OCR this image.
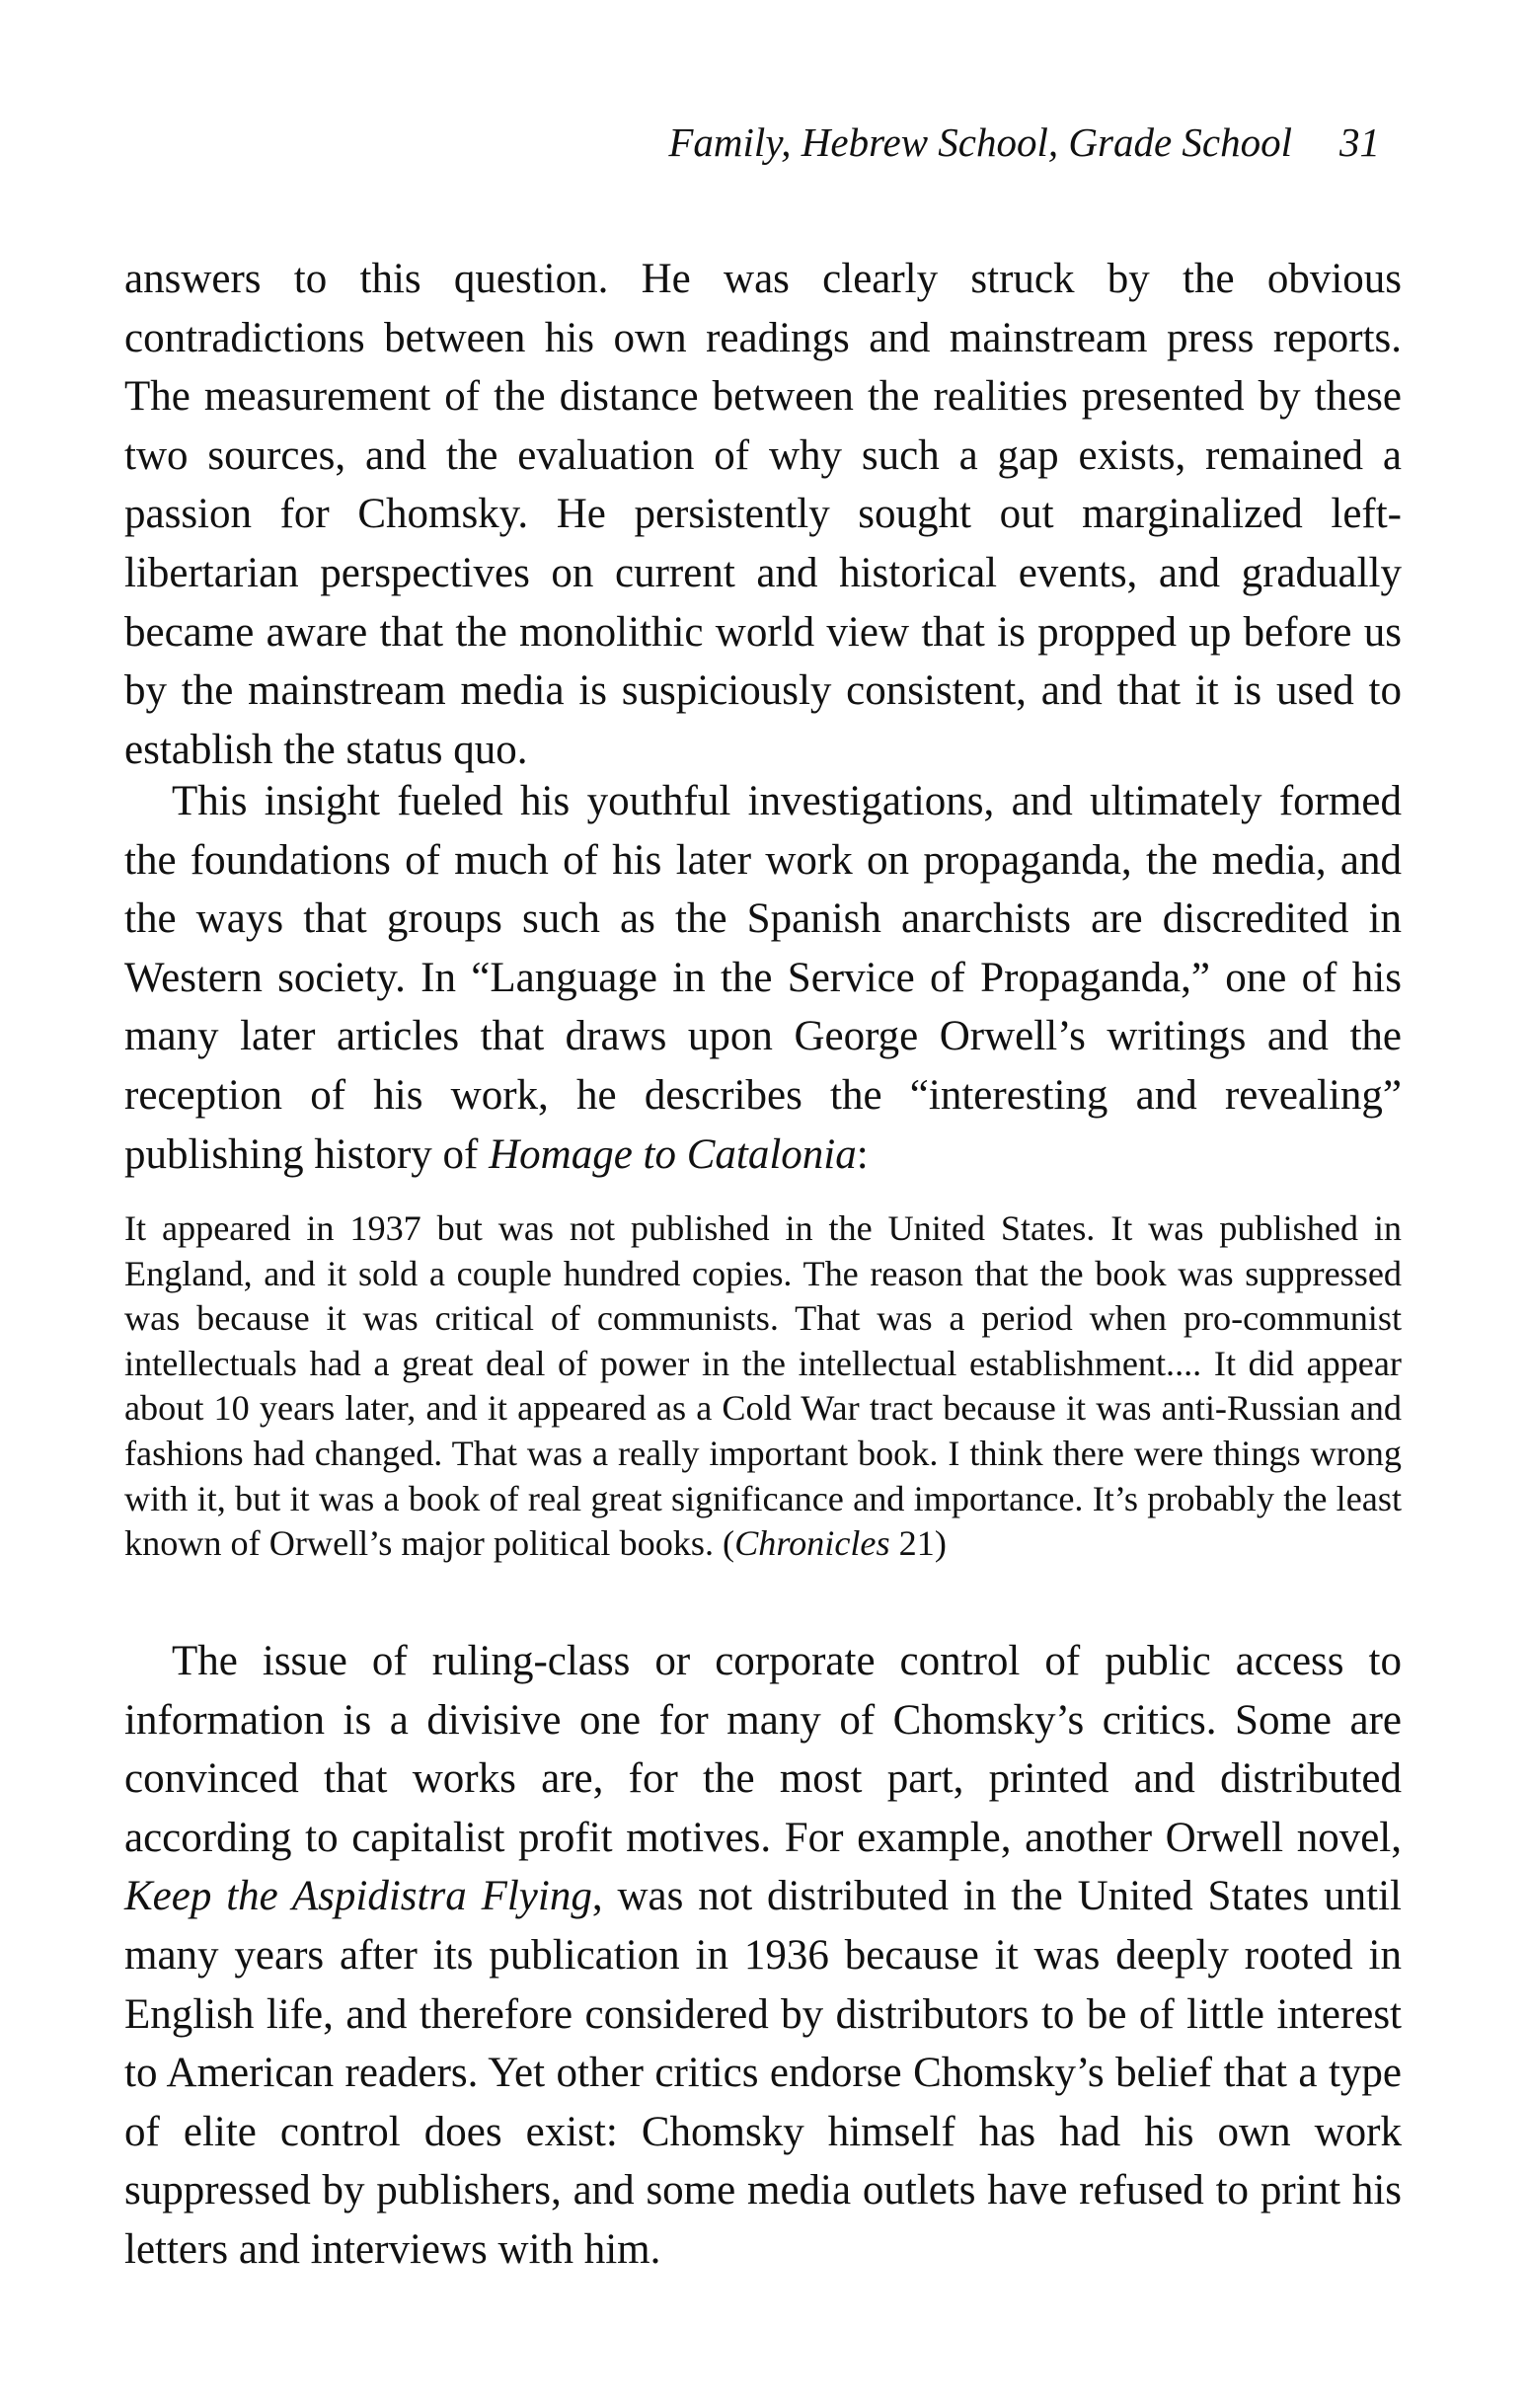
Family, Hebrew School, Grade School 31

answers to this question. He was clearly struck by the obvious contradictions between his own readings and mainstream press reports. The measurement of the distance between the realities presented by these two sources, and the evaluation of why such a gap exists, remained a passion for Chomsky. He persistently sought out marginalized left-libertarian perspectives on current and historical events, and gradually became aware that the monolithic world view that is propped up before us by the mainstream media is suspiciously consistent, and that it is used to establish the status quo.

This insight fueled his youthful investigations, and ultimately formed the foundations of much of his later work on propaganda, the media, and the ways that groups such as the Spanish anarchists are discredited in Western society. In “Language in the Service of Propaganda,” one of his many later articles that draws upon George Orwell’s writings and the reception of his work, he describes the “interesting and revealing” publishing history of Homage to Catalonia:

It appeared in 1937 but was not published in the United States. It was published in England, and it sold a couple hundred copies. The reason that the book was suppressed was because it was critical of communists. That was a period when pro-communist intellectuals had a great deal of power in the intellectual establishment.... It did appear about 10 years later, and it appeared as a Cold War tract because it was anti-Russian and fashions had changed. That was a really important book. I think there were things wrong with it, but it was a book of real great significance and importance. It’s probably the least known of Orwell’s major political books. (Chronicles 21)

The issue of ruling-class or corporate control of public access to information is a divisive one for many of Chomsky’s critics. Some are convinced that works are, for the most part, printed and distributed according to capitalist profit motives. For example, another Orwell novel, Keep the Aspidistra Flying, was not distributed in the United States until many years after its publication in 1936 because it was deeply rooted in English life, and therefore considered by distributors to be of little interest to American readers. Yet other critics endorse Chomsky’s belief that a type of elite control does exist: Chomsky himself has had his own work suppressed by publishers, and some media outlets have refused to print his letters and interviews with him.
